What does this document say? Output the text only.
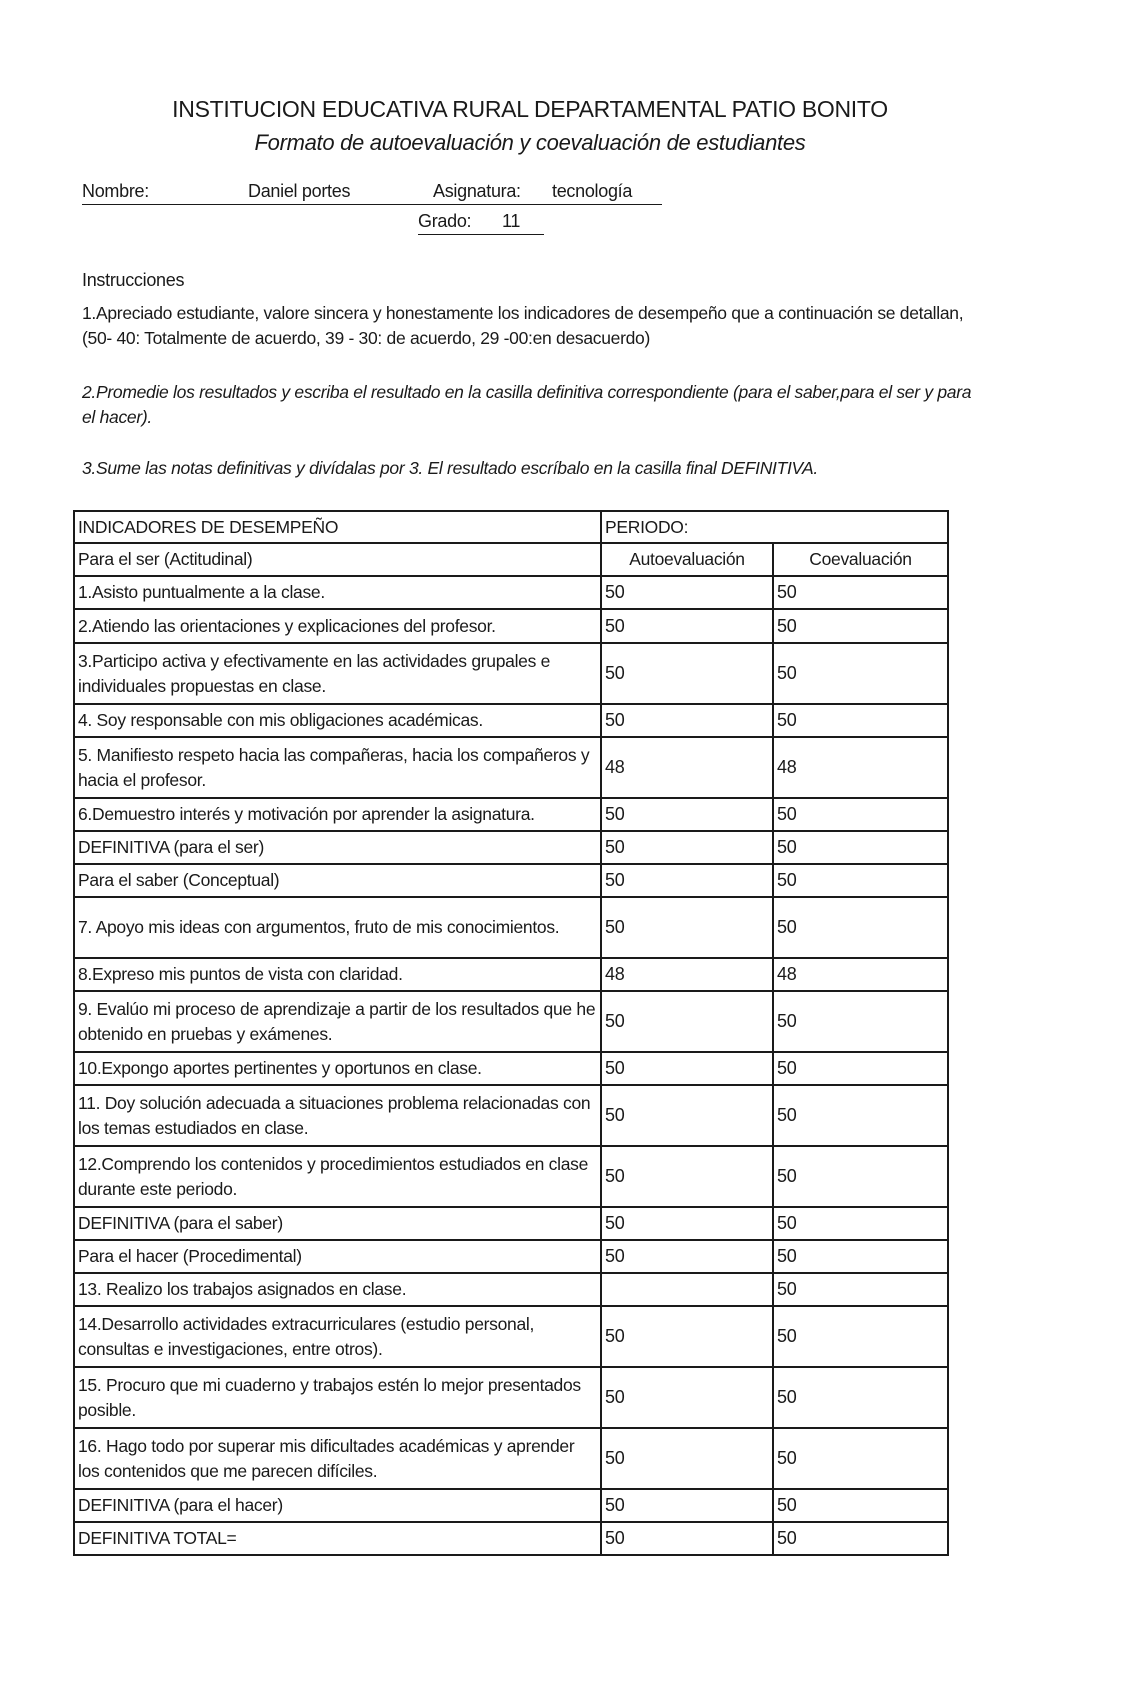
INSTITUCION EDUCATIVA RURAL DEPARTAMENTAL PATIO BONITO
Formato de autoevaluación y coevaluación de estudiantes
Nombre:	Daniel portes	Asignatura: tecnología
Grado: 11
Instrucciones
1.Apreciado estudiante, valore sincera y honestamente los indicadores de desempeño que a continuación se detallan, (50- 40: Totalmente de acuerdo, 39 - 30: de acuerdo, 29 -00:en desacuerdo)
2.Promedie los resultados y escriba el resultado en la casilla definitiva correspondiente (para el saber,para el ser y para el hacer).
3.Sume las notas definitivas y divídalas por 3. El resultado escríbalo en la casilla final DEFINITIVA.
INDICADORES DE DESEMPEÑO	PERIODO:	
Para el ser (Actitudinal)	Autoevaluación	Coevaluación
1.Asisto puntualmente a la clase.	50	50
2.Atiendo las orientaciones y explicaciones del profesor.	50	50
3.Participo activa y efectivamente en las actividades grupales e individuales propuestas en clase.	50	50
4. Soy responsable con mis obligaciones académicas.	50	50
5. Manifiesto respeto hacia las compañeras, hacia los compañeros y hacia el profesor.	48	48
6.Demuestro interés y motivación por aprender la asignatura.	50	50
DEFINITIVA (para el ser)	50	50
Para el saber (Conceptual)	50	50
7. Apoyo mis ideas con argumentos, fruto de mis conocimientos.	50	50
8.Expreso mis puntos de vista con claridad.	48	48
9. Evalúo mi proceso de aprendizaje a partir de los resultados que he obtenido en pruebas y exámenes.	50	50
10.Expongo aportes pertinentes y oportunos en clase.	50	50
11. Doy solución adecuada a situaciones problema relacionadas con los temas estudiados en clase.	50	50
12.Comprendo los contenidos y procedimientos estudiados en clase durante este periodo.	50	50
DEFINITIVA (para el saber)	50	50
Para el hacer (Procedimental)	50	50
13. Realizo los trabajos asignados en clase.		50
14.Desarrollo actividades extracurriculares (estudio personal, consultas e investigaciones, entre otros).	50	50
15. Procuro que mi cuaderno y trabajos estén lo mejor presentados posible.	50	50
16. Hago todo por superar mis dificultades académicas y aprender los contenidos que me parecen difíciles.	50	50
DEFINITIVA (para el hacer)	50	50
DEFINITIVA TOTAL=	50	50
